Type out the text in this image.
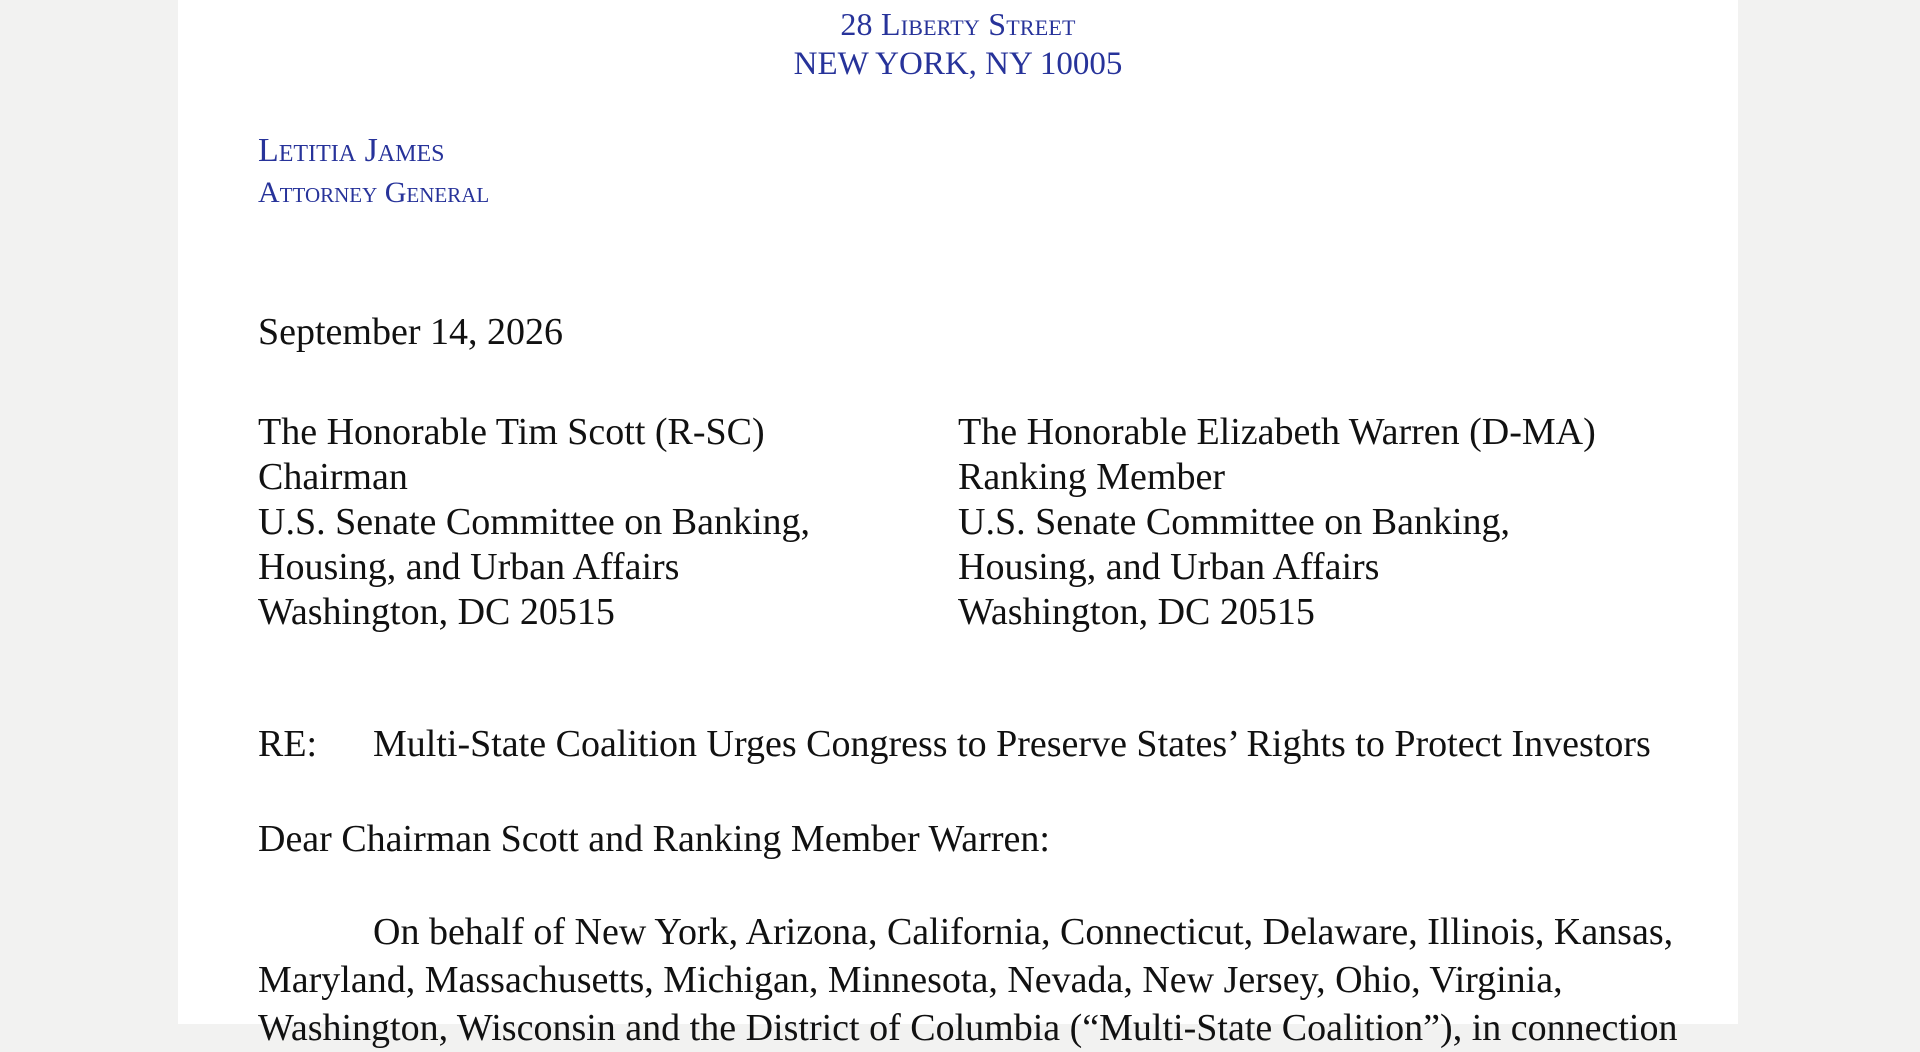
28 Liberty Street
NEW YORK, NY 10005
Letitia James
Attorney General
September 14, 2026
The Honorable Tim Scott (R-SC)
Chairman
U.S. Senate Committee on Banking,
Housing, and Urban Affairs
Washington, DC 20515
The Honorable Elizabeth Warren (D-MA)
Ranking Member
U.S. Senate Committee on Banking,
Housing, and Urban Affairs
Washington, DC 20515
RE: Multi-State Coalition Urges Congress to Preserve States’ Rights to Protect Investors
Dear Chairman Scott and Ranking Member Warren:
On behalf of New York, Arizona, California, Connecticut, Delaware, Illinois, Kansas,
Maryland, Massachusetts, Michigan, Minnesota, Nevada, New Jersey, Ohio, Virginia,
Washington, Wisconsin and the District of Columbia (“Multi-State Coalition”), in connection
